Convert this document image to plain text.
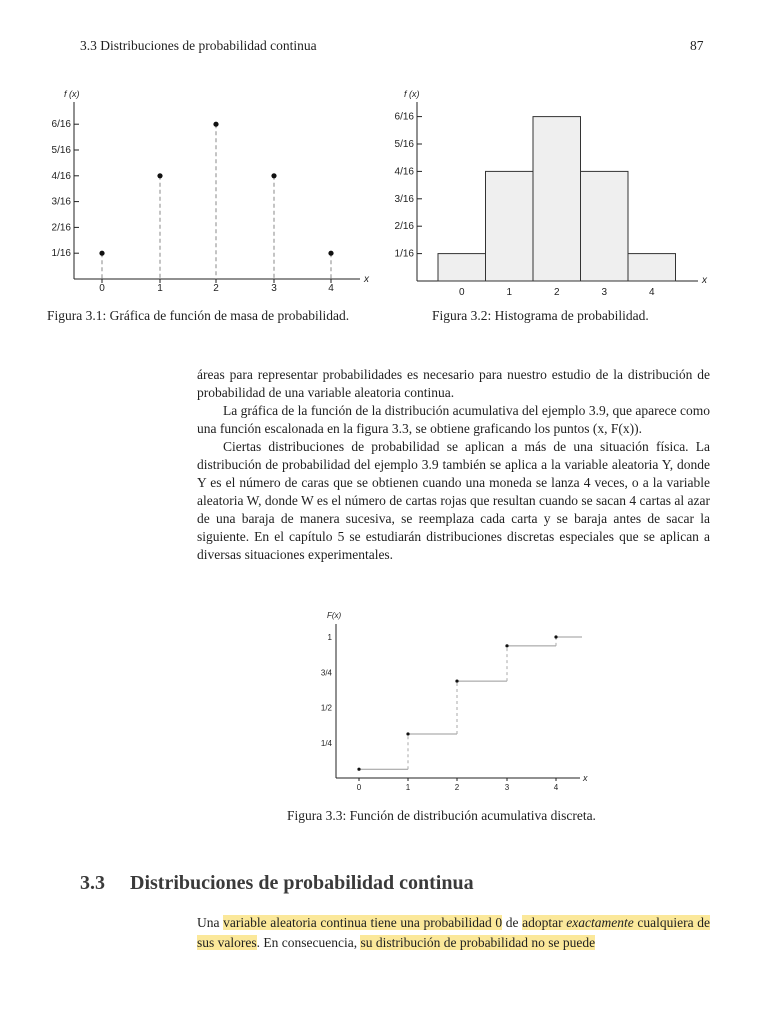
3.3 Distribuciones de probabilidad continua	87
f (x)
x
1/16
2/16
3/16
4/16
5/16
6/16
0	1	2	3	4
Figura 3.1: Gráfica de función de masa de probabilidad.
f (x)
x
1/16
2/16
3/16
4/16
5/16
6/16
0	1	2	3	4
Figura 3.2: Histograma de probabilidad.

áreas para representar probabilidades es necesario para nuestro estudio de la distribución de probabilidad de una variable aleatoria continua.

La gráfica de la función de la distribución acumulativa del ejemplo 3.9, que aparece como una función escalonada en la figura 3.3, se obtiene graficando los puntos (x, F(x)).

Ciertas distribuciones de probabilidad se aplican a más de una situación física. La distribución de probabilidad del ejemplo 3.9 también se aplica a la variable aleatoria Y, donde Y es el número de caras que se obtienen cuando una moneda se lanza 4 veces, o a la variable aleatoria W, donde W es el número de cartas rojas que resultan cuando se sacan 4 cartas al azar de una baraja de manera sucesiva, se reemplaza cada carta y se baraja antes de sacar la siguiente. En el capítulo 5 se estudiarán distribuciones discretas especiales que se aplican a diversas situaciones experimentales.

F(x)
x
1/4
1/2
3/4
1
0	1	2	3	4
Figura 3.3: Función de distribución acumulativa discreta.
3.3 Distribuciones de probabilidad continua
Una variable aleatoria continua tiene una probabilidad 0 de adoptar exactamente cualquiera de sus valores. En consecuencia, su distribución de probabilidad no se puede
